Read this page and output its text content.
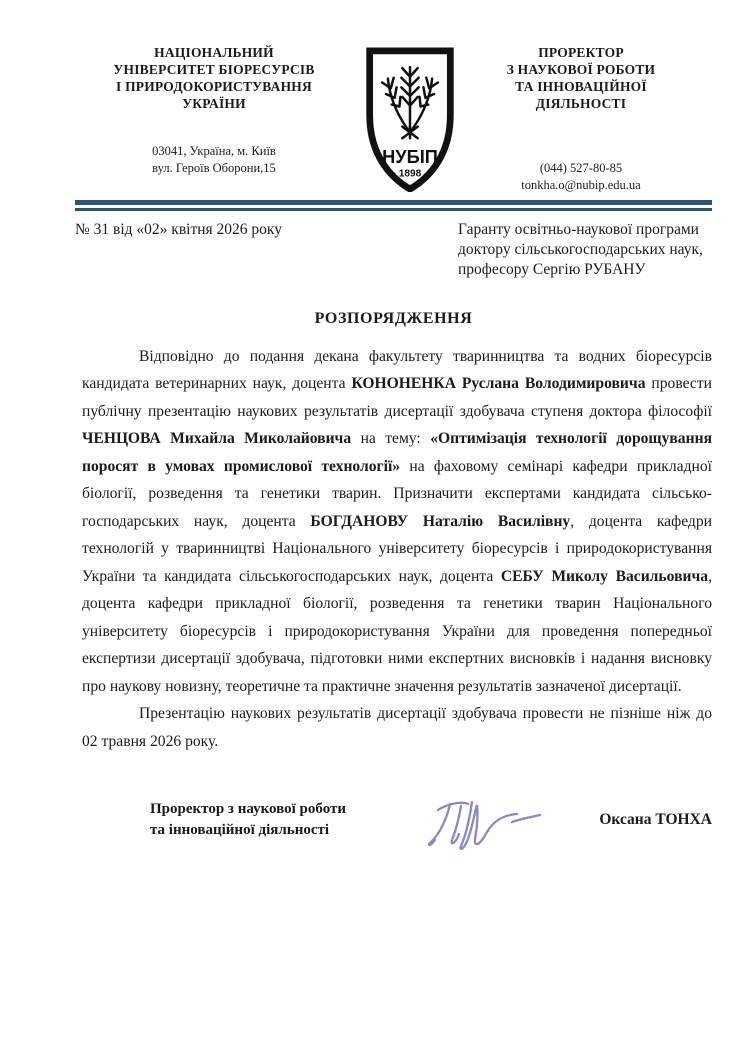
НАЦІОНАЛЬНИЙ
УНІВЕРСИТЕТ БІОРЕСУРСІВ
І ПРИРОДОКОРИСТУВАННЯ
УКРАЇНИ
03041, Україна, м. Київ
вул. Героїв Оборони,15
НУБІП
1898
ПРОРЕКТОР
З НАУКОВОЇ РОБОТИ
ТА ІННОВАЦІЙНОЇ
ДІЯЛЬНОСТІ
(044) 527-80-85
tonkha.o@nubip.edu.ua
№ 31 від «02» квітня 2026 року	Гаранту освітньо-наукової програми
доктору сільськогосподарських наук,
професору Сергію РУБАНУ
РОЗПОРЯДЖЕННЯ

Відповідно до подання декана факультету тваринництва та водних біоресурсів кандидата ветеринарних наук, доцента КОНОНЕНКА Руслана Володимировича провести публічну презентацію наукових результатів дисертації здобувача ступеня доктора філософії ЧЕНЦОВА Михайла Миколайовича на тему: «Оптимізація технології дорощування поросят в умовах промислової технології» на фаховому семінарі кафедри прикладної біології, розведення та генетики тварин. Призначити експертами кандидата сільсько-господарських наук, доцента БОГДАНОВУ Наталію Василівну, доцента кафедри технологій у тваринництві Національного університету біоресурсів і природокористування України та кандидата сільськогосподарських наук, доцента СЕБУ Миколу Васильовича, доцента кафедри прикладної біології, розведення та генетики тварин Національного університету біоресурсів і природокористування України для проведення попередньої експертизи дисертації здобувача, підготовки ними експертних висновків і надання висновку про наукову новизну, теоретичне та практичне значення результатів зазначеної дисертації.

Презентацію наукових результатів дисертації здобувача провести не пізніше ніж до 02 травня 2026 року.

Проректор з наукової роботи
та інноваційної діяльності
Оксана ТОНХА
